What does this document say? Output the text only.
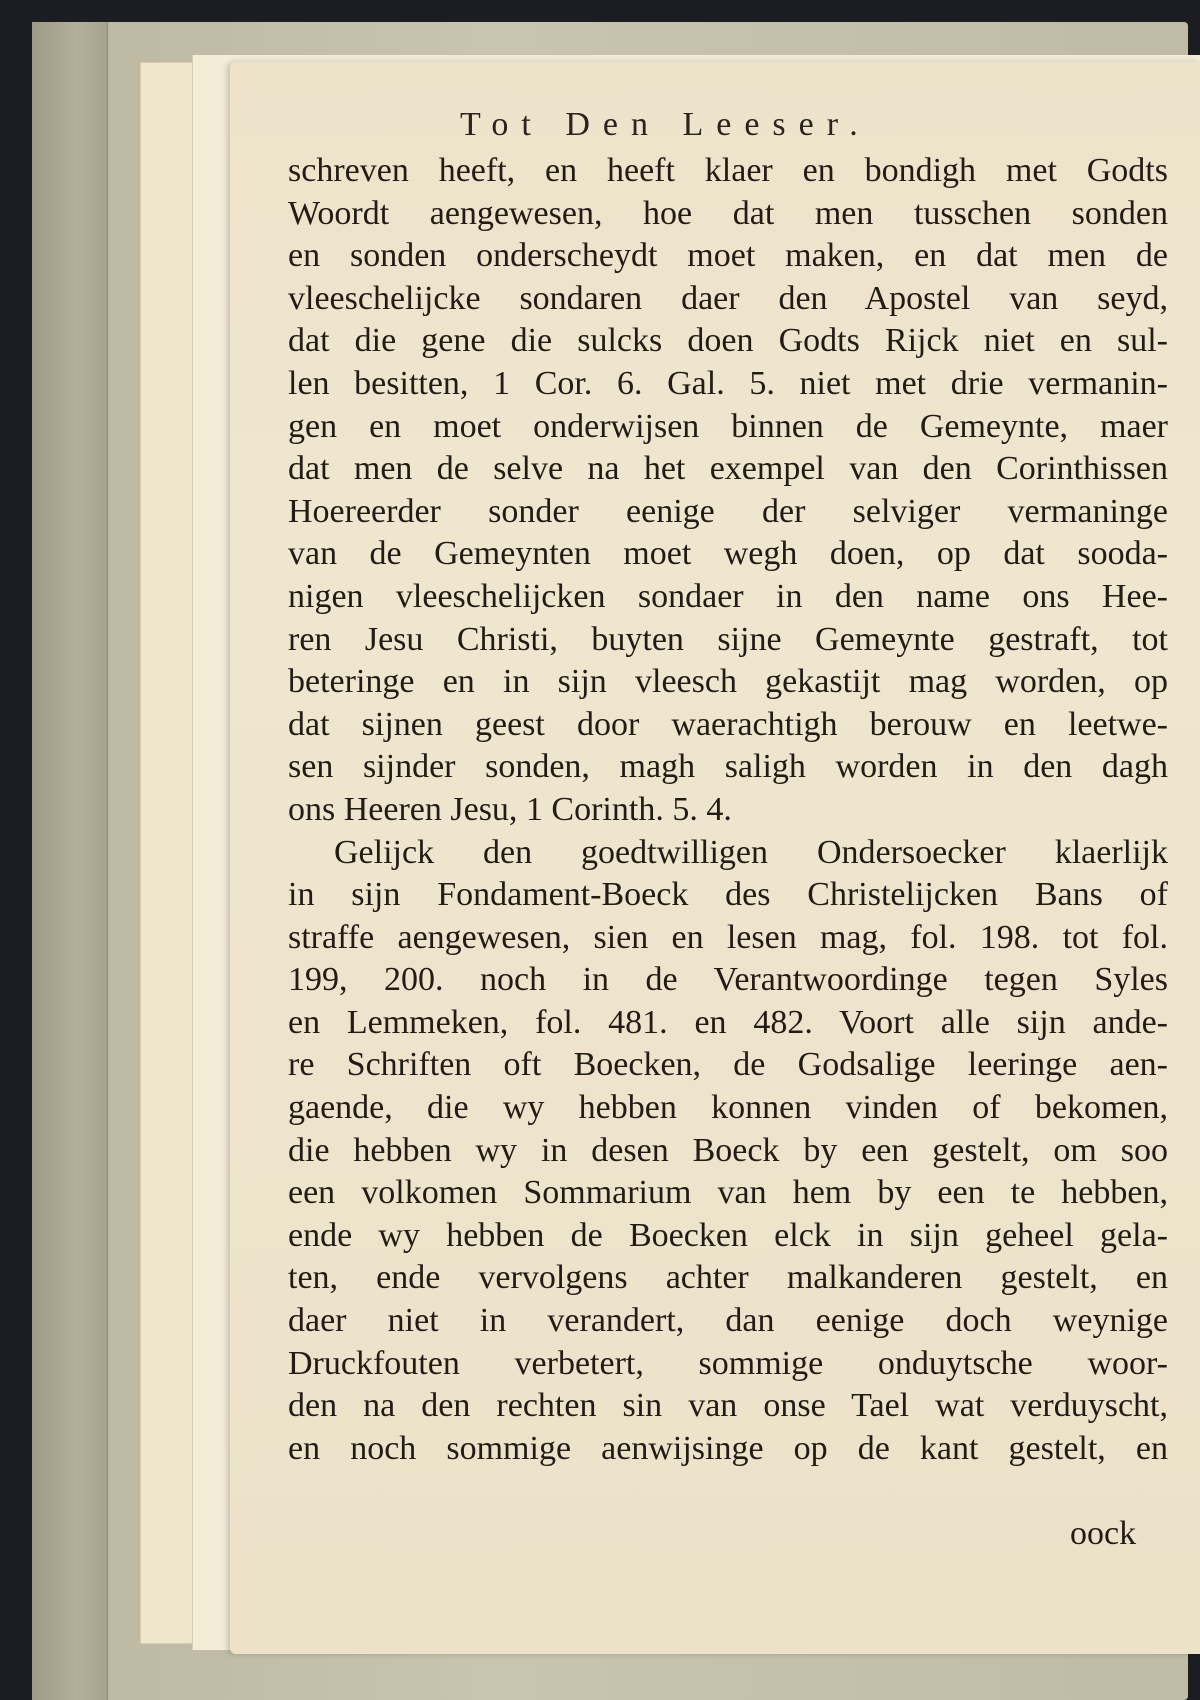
Tot Den Leeser.
schreven heeft, en heeft klaer en bondigh met Godts
Woordt aengewesen, hoe dat men tusschen sonden
en sonden onderscheydt moet maken, en dat men de
vleeschelijcke sondaren daer den Apostel van seyd,
dat die gene die sulcks doen Godts Rijck niet en sul-
len besitten, 1 Cor. 6. Gal. 5. niet met drie vermanin-
gen en moet onderwijsen binnen de Gemeynte, maer
dat men de selve na het exempel van den Corinthissen
Hoereerder sonder eenige der selviger vermaninge
van de Gemeynten moet wegh doen, op dat sooda-
nigen vleeschelijcken sondaer in den name ons Hee-
ren Jesu Christi, buyten sijne Gemeynte gestraft, tot
beteringe en in sijn vleesch gekastijt mag worden, op
dat sijnen geest door waerachtigh berouw en leetwe-
sen sijnder sonden, magh saligh worden in den dagh
ons Heeren Jesu, 1 Corinth. 5. 4.
Gelijck den goedtwilligen Ondersoecker klaerlijk
in sijn Fondament-Boeck des Christelijcken Bans of
straffe aengewesen, sien en lesen mag, fol. 198. tot fol.
199, 200. noch in de Verantwoordinge tegen Syles
en Lemmeken, fol. 481. en 482. Voort alle sijn ande-
re Schriften oft Boecken, de Godsalige leeringe aen-
gaende, die wy hebben konnen vinden of bekomen,
die hebben wy in desen Boeck by een gestelt, om soo
een volkomen Sommarium van hem by een te hebben,
ende wy hebben de Boecken elck in sijn geheel gela-
ten, ende vervolgens achter malkanderen gestelt, en
daer niet in verandert, dan eenige doch weynige
Druckfouten verbetert, sommige onduytsche woor-
den na den rechten sin van onse Tael wat verduyscht,
en noch sommige aenwijsinge op de kant gestelt, en
oock
